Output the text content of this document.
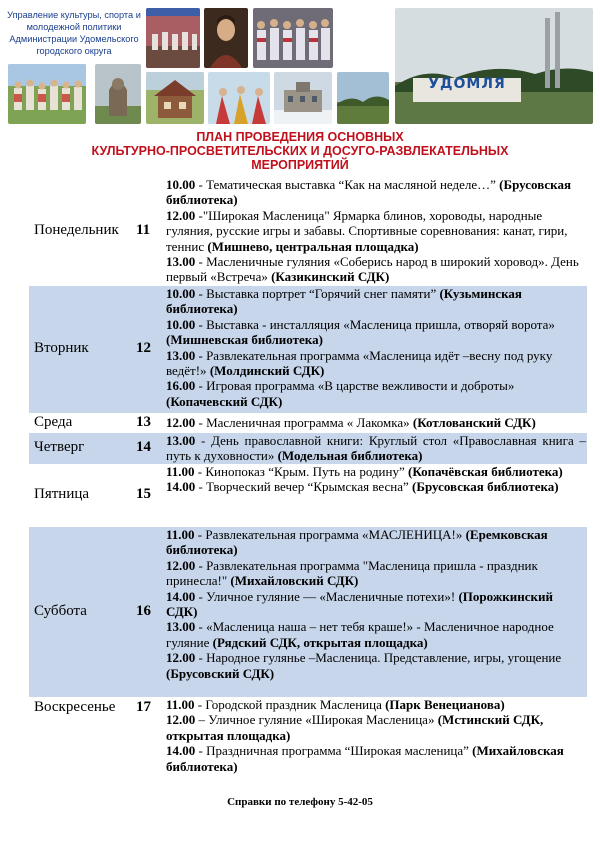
Управление культуры, спорта и
молодежной политики
Администрации Удомельского
городского округа
УДОМЛЯ
ПЛАН ПРОВЕДЕНИЯ ОСНОВНЫХ
КУЛЬТУРНО-ПРОСВЕТИТЕЛЬСКИХ И ДОСУГО-РАЗВЛЕКАТЕЛЬНЫХ
МЕРОПРИЯТИЙ
Понедельник 11

10.00 - Тематическая выставка “Как на масляной неделе…” (Брусовская библиотека)

12.00 -"Широкая Масленица" Ярмарка блинов, хороводы, народные гуляния, русские игры и забавы. Спортивные соревнования: канат, гири, теннис (Мишнево, центральная площадка)

13.00 - Масленичные гуляния «Соберись народ в широкий хоровод». День первый «Встреча» (Казикинский СДК)

Вторник	12

10.00 - Выставка портрет “Горячий снег памяти” (Кузьминская библиотека)

10.00 - Выставка - инсталляция «Масленица пришла, отворяй ворота» (Мишневская библиотека)

13.00 - Развлекательная программа «Масленица идёт –весну под руку ведёт!» (Молдинский СДК)

16.00 - Игровая программа «В царстве вежливости и доброты» (Копачевский СДК)

Среда	13 12.00 - Масленичная программа « Лакомка» (Котлованский СДК)

Четверг	14 13.00 - День православной книги: Круглый стол «Православная книга – путь к духовности» (Модельная библиотека)

Пятница	15

11.00 - Кинопоказ “Крым. Путь на родину” (Копачёвская библиотека)

14.00 - Творческий вечер “Крымская весна” (Брусовская библиотека)

Суббота	16

11.00 - Развлекательная программа «МАСЛЕНИЦА!» (Еремковская библиотека)

12.00 - Развлекательная программа "Масленица пришла - праздник принесла!" (Михайловский СДК)

14.00 - Уличное гуляние — «Масленичные потехи»! (Порожкинский СДК)

13.00 - «Масленица наша – нет тебя краше!» - Масленичное народное гуляние (Рядский СДК, открытая площадка)

12.00 - Народное гулянье –Масленица. Представление, игры, угощение (Брусовский СДК)

Воскресенье 17 11.00 - Городской праздник Масленица (Парк Венецианова)

12.00 – Уличное гуляние «Широкая Масленица» (Мстинский СДК, открытая площадка)

14.00 - Праздничная программа “Широкая масленица” (Михайловская библиотека)

Справки по телефону 5-42-05
